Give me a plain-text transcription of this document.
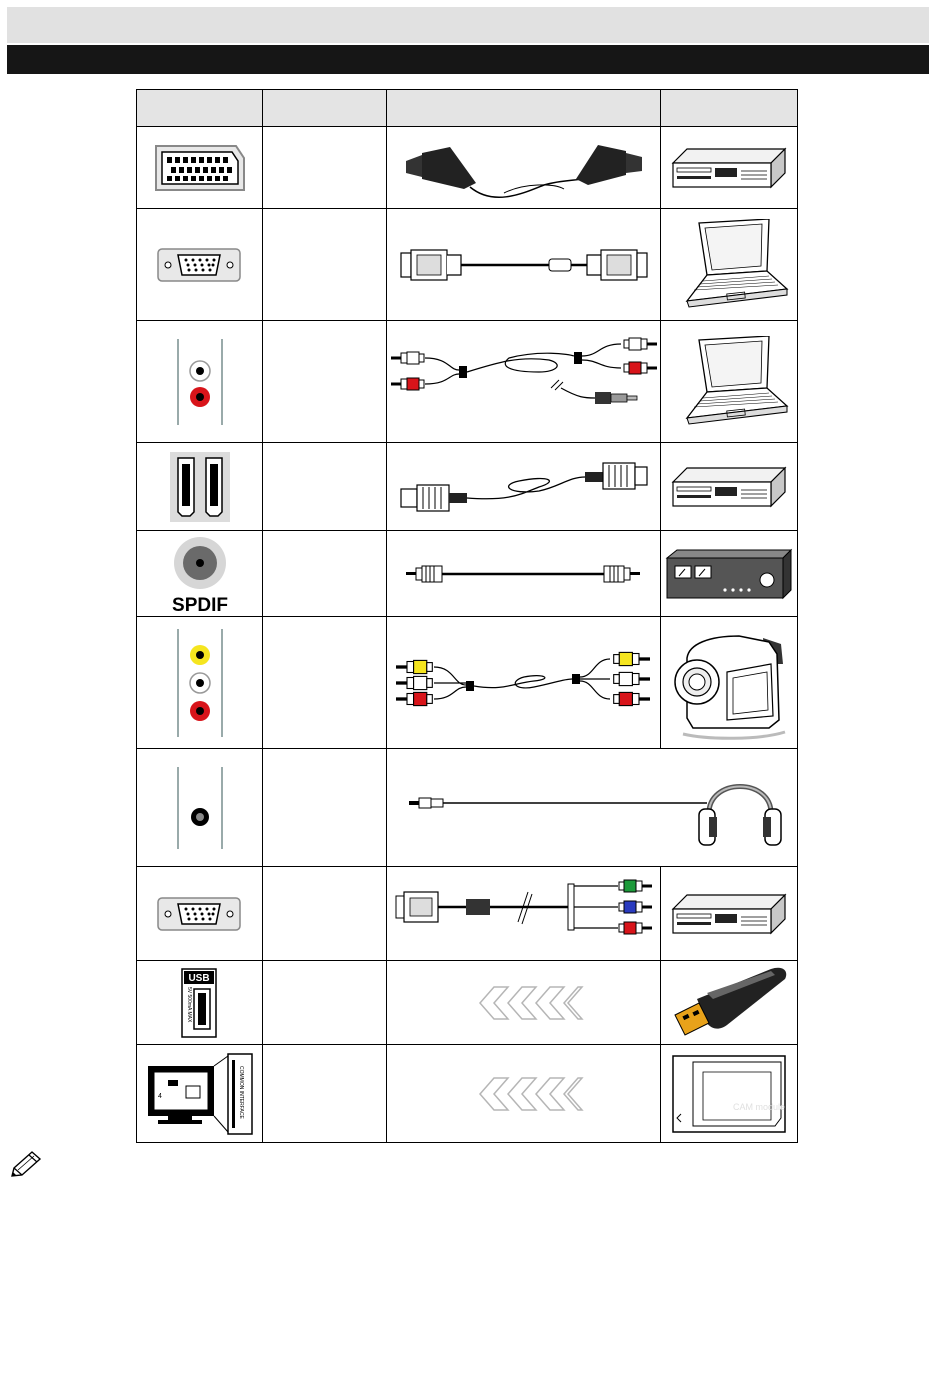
SPDIF

USB
5V 500mA MAX

4 COMMON INTERFACE			CAM module
